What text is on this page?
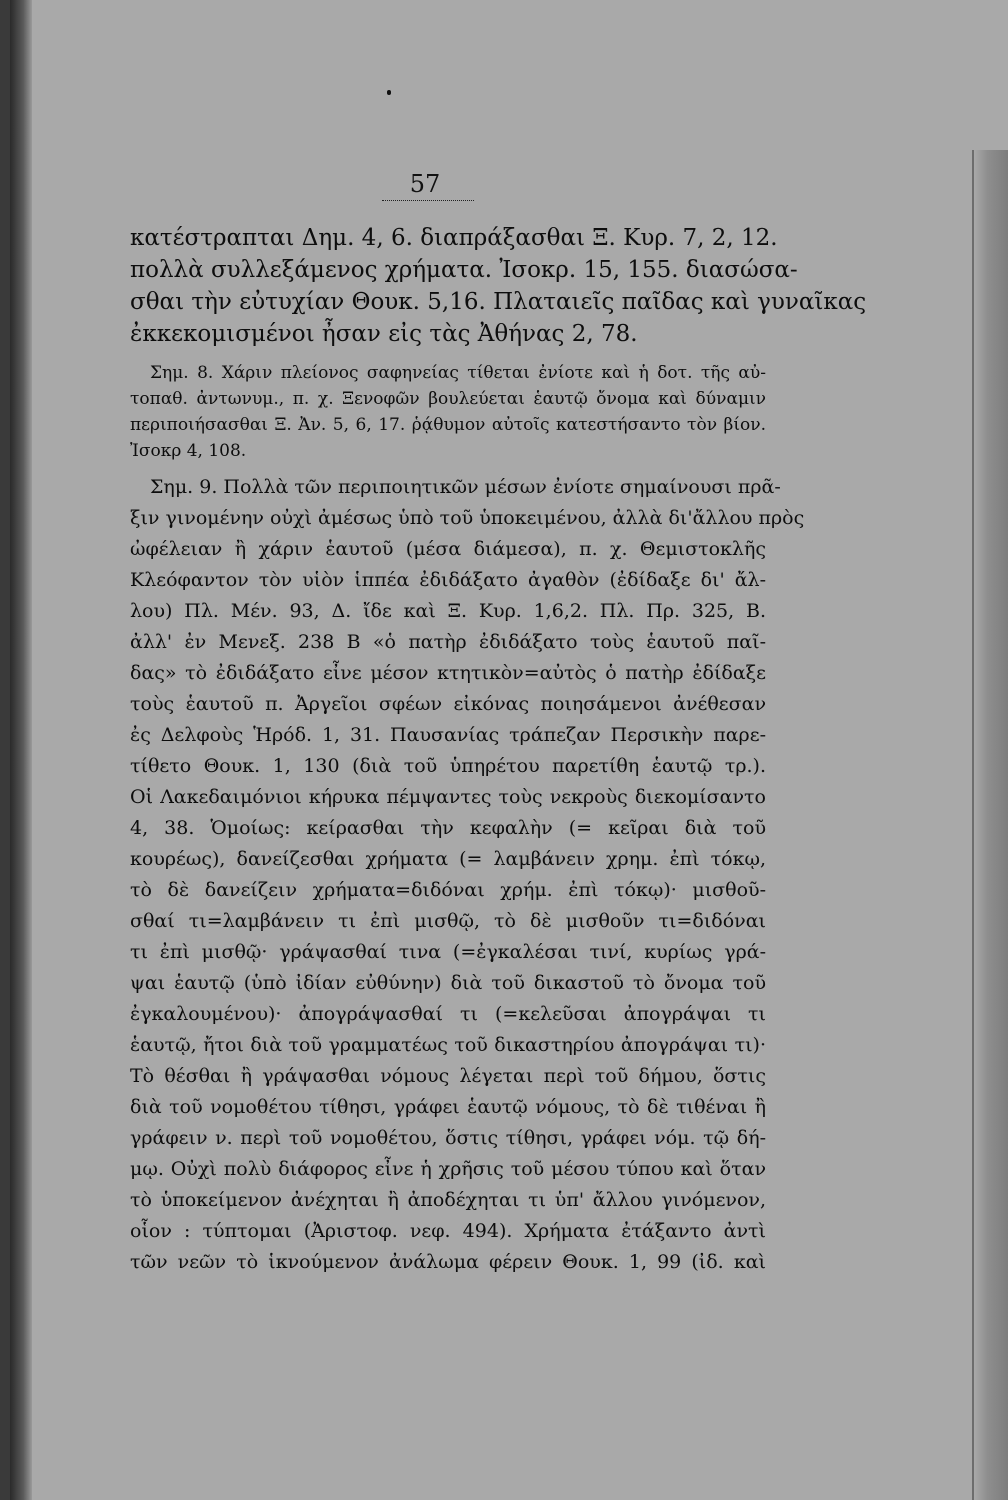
57
κατέστραπται Δημ. 4, 6. διαπράξασθαι Ξ. Κυρ. 7, 2, 12.
πολλὰ συλλεξάμενος χρήματα. Ἰσοκρ. 15, 155. διασώσα-
σθαι τὴν εὐτυχίαν Θουκ. 5,16. Πλαταιεῖς παῖδας καὶ γυναῖκας
ἐκκεκομισμένοι ἦσαν εἰς τὰς Ἀθήνας 2, 78.
Σημ. 8. Χάριν πλείονος σαφηνείας τίθεται ἐνίοτε καὶ ἡ δοτ. τῆς αὐ-
τοπαθ. ἀντωνυμ., π. χ. Ξενοφῶν βουλεύεται ἑαυτῷ ὄνομα καὶ δύναμιν
περιποιήσασθαι Ξ. Ἀν. 5, 6, 17. ῥᾴθυμον αὐτοῖς κατεστήσαντο τὸν βίον.
Ἰσοκρ 4, 108.
Σημ. 9. Πολλὰ τῶν περιποιητικῶν μέσων ἐνίοτε σημαίνουσι πρᾶ-
ξιν γινομένην οὐχὶ ἀμέσως ὑπὸ τοῦ ὑποκειμένου, ἀλλὰ δι'ἄλλου πρὸς
ὠφέλειαν ἢ χάριν ἑαυτοῦ (μέσα διάμεσα), π. χ. Θεμιστοκλῆς
Κλεόφαντον τὸν υἱὸν ἱππέα ἐδιδάξατο ἀγαθὸν (ἐδίδαξε δι' ἄλ-
λου) Πλ. Μέν. 93, Δ. ἴδε καὶ Ξ. Κυρ. 1,6,2. Πλ. Πρ. 325, Β.
ἀλλ' ἐν Μενεξ. 238 Β «ὁ πατὴρ ἐδιδάξατο τοὺς ἑαυτοῦ παῖ-
δας» τὸ ἐδιδάξατο εἶνε μέσον κτητικὸν=αὐτὸς ὁ πατὴρ ἐδίδαξε
τοὺς ἑαυτοῦ π. Ἀργεῖοι σφέων εἰκόνας ποιησάμενοι ἀνέθεσαν
ἐς Δελφοὺς Ἡρόδ. 1, 31. Παυσανίας τράπεζαν Περσικὴν παρε-
τίθετο Θουκ. 1, 130 (διὰ τοῦ ὑπηρέτου παρετίθη ἑαυτῷ τρ.).
Οἱ Λακεδαιμόνιοι κήρυκα πέμψαντες τοὺς νεκροὺς διεκομίσαντο
4, 38. Ὁμοίως: κείρασθαι τὴν κεφαλὴν (= κεῖραι διὰ τοῦ
κουρέως), δανείζεσθαι χρήματα (= λαμβάνειν χρημ. ἐπὶ τόκῳ,
τὸ δὲ δανείζειν χρήματα=διδόναι χρήμ. ἐπὶ τόκῳ)· μισθοῦ-
σθαί τι=λαμβάνειν τι ἐπὶ μισθῷ, τὸ δὲ μισθοῦν τι=διδόναι
τι ἐπὶ μισθῷ· γράψασθαί τινα (=ἐγκαλέσαι τινί, κυρίως γρά-
ψαι ἑαυτῷ (ὑπὸ ἰδίαν εὐθύνην) διὰ τοῦ δικαστοῦ τὸ ὄνομα τοῦ
ἐγκαλουμένου)· ἀπογράψασθαί τι (=κελεῦσαι ἀπογράψαι τι
ἑαυτῷ, ἤτοι διὰ τοῦ γραμματέως τοῦ δικαστηρίου ἀπογράψαι τι)·
Τὸ θέσθαι ἢ γράψασθαι νόμους λέγεται περὶ τοῦ δήμου, ὅστις
διὰ τοῦ νομοθέτου τίθησι, γράφει ἑαυτῷ νόμους, τὸ δὲ τιθέναι ἢ
γράφειν ν. περὶ τοῦ νομοθέτου, ὅστις τίθησι, γράφει νόμ. τῷ δή-
μῳ. Οὐχὶ πολὺ διάφορος εἶνε ἡ χρῆσις τοῦ μέσου τύπου καὶ ὅταν
τὸ ὑποκείμενον ἀνέχηται ἢ ἀποδέχηται τι ὑπ' ἄλλου γινόμενον,
οἷον : τύπτομαι (Ἀριστοφ. νεφ. 494). Χρήματα ἐτάξαντο ἀντὶ
τῶν νεῶν τὸ ἱκνούμενον ἀνάλωμα φέρειν Θουκ. 1, 99 (ἰδ. καὶ
